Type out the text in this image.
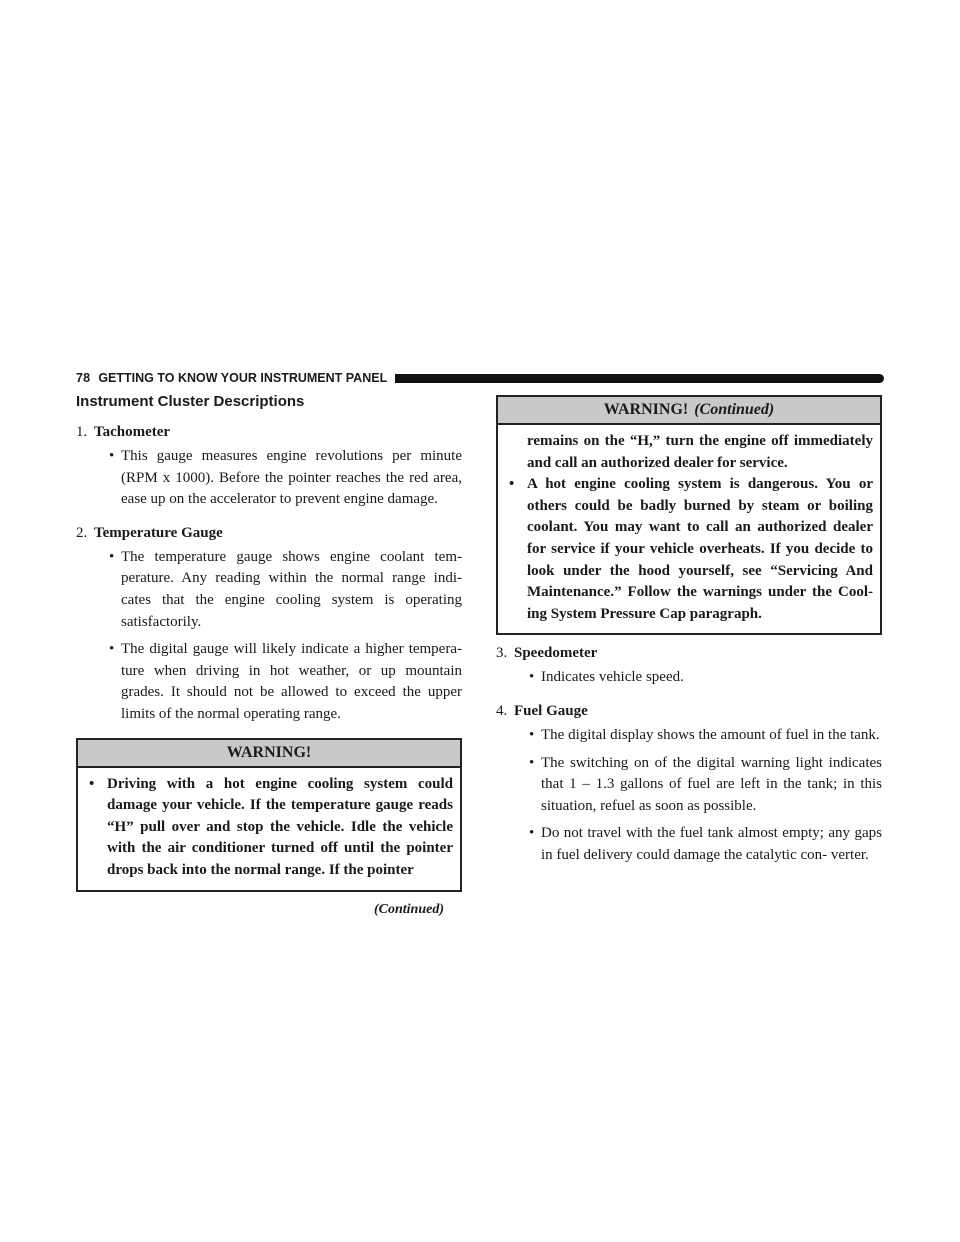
78 GETTING TO KNOW YOUR INSTRUMENT PANEL
Instrument Cluster Descriptions
1. Tachometer
• This gauge measures engine revolutions per minute (RPM x 1000). Before the pointer reaches the red area, ease up on the accelerator to prevent engine damage.
2. Temperature Gauge
• The temperature gauge shows engine coolant tem- perature. Any reading within the normal range indi- cates that the engine cooling system is operating satisfactorily.
• The digital gauge will likely indicate a higher tempera- ture when driving in hot weather, or up mountain grades. It should not be allowed to exceed the upper limits of the normal operating range.
WARNING!
• Driving with a hot engine cooling system could damage your vehicle. If the temperature gauge reads “H” pull over and stop the vehicle. Idle the vehicle with the air conditioner turned off until the pointer drops back into the normal range. If the pointer
(Continued)
WARNING! (Continued)

remains on the “H,” turn the engine off immediately and call an authorized dealer for service.

• A hot engine cooling system is dangerous. You or others could be badly burned by steam or boiling coolant. You may want to call an authorized dealer for service if your vehicle overheats. If you decide to look under the hood yourself, see “Servicing And Maintenance.” Follow the warnings under the Cool- ing System Pressure Cap paragraph.
3. Speedometer
• Indicates vehicle speed.
4. Fuel Gauge
• The digital display shows the amount of fuel in the tank.
• The switching on of the digital warning light indicates that 1 – 1.3 gallons of fuel are left in the tank; in this situation, refuel as soon as possible.
• Do not travel with the fuel tank almost empty; any gaps in fuel delivery could damage the catalytic con- verter.
